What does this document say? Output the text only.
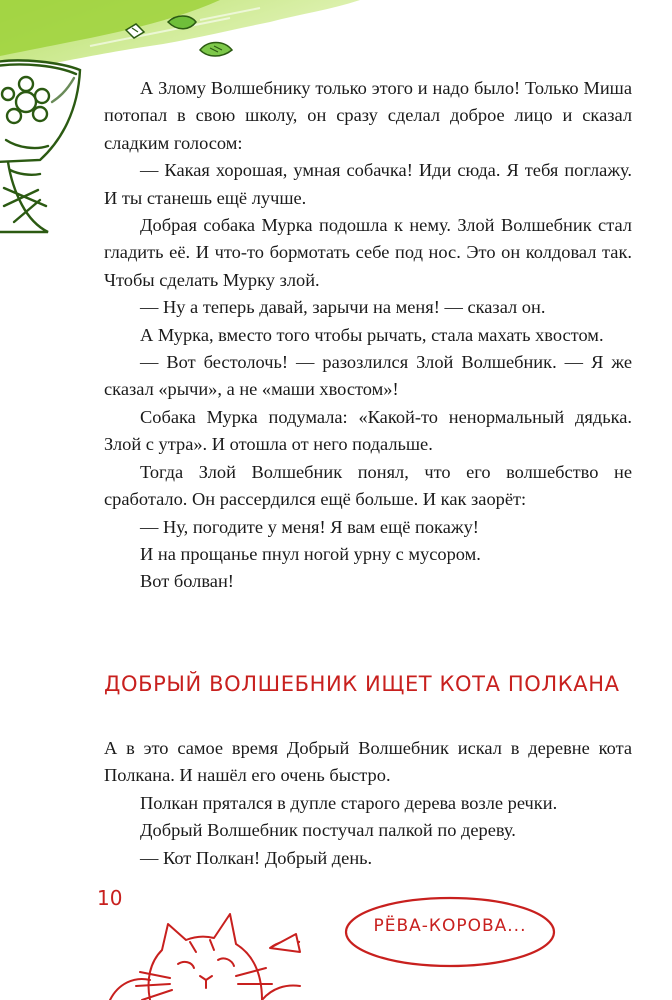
А Злому Волшебнику только этого и надо было! Только Миша потопал в свою школу, он сразу сделал доброе лицо и сказал сладким голосом:

— Какая хорошая, умная собачка! Иди сюда. Я тебя поглажу. И ты станешь ещё лучше.

Добрая собака Мурка подошла к нему. Злой Волшебник стал гладить её. И что-то бормотать себе под нос. Это он колдовал так. Чтобы сделать Мурку злой.

— Ну а теперь давай, зарычи на меня! — сказал он.

А Мурка, вместо того чтобы рычать, стала махать хвостом.

— Вот бестолочь! — разозлился Злой Волшебник. — Я же сказал «рычи», а не «маши хвостом»!

Собака Мурка подумала: «Какой-то ненормальный дядька. Злой с утра». И отошла от него подальше.

Тогда Злой Волшебник понял, что его волшебство не сработало. Он рассердился ещё больше. И как заорёт:

— Ну, погодите у меня! Я вам ещё покажу!

И на прощанье пнул ногой урну с мусором.

Вот болван!

ДОБРЫЙ ВОЛШЕБНИК ИЩЕТ КОТА ПОЛКАНА

А в это самое время Добрый Волшебник искал в деревне кота Полкана. И нашёл его очень быстро.

Полкан прятался в дупле старого дерева возле речки.

Добрый Волшебник постучал палкой по дереву.

— Кот Полкан! Добрый день.

10
РЁВА-КОРОВА...
